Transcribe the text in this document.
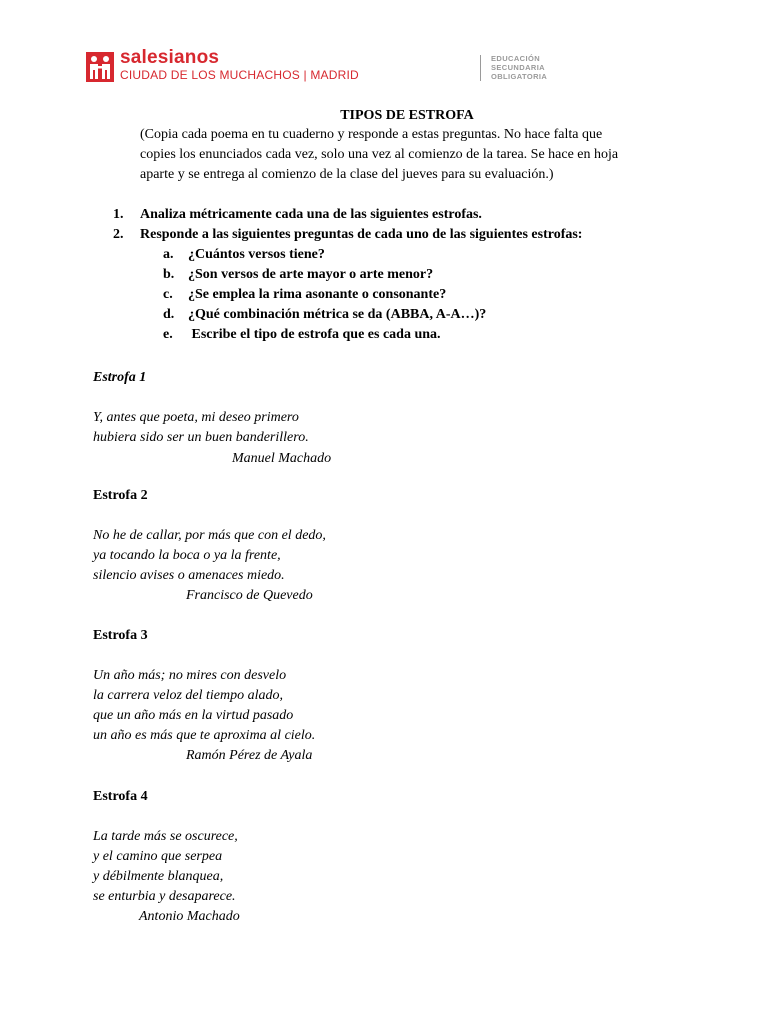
salesianos
CIUDAD DE LOS MUCHACHOS | MADRID
EDUCACIÓN
SECUNDARIA
OBLIGATORIA
TIPOS DE ESTROFA
(Copia cada poema en tu cuaderno y responde a estas preguntas. No hace falta que
copies los enunciados cada vez, solo una vez al comienzo de la tarea. Se hace en hoja
aparte y se entrega al comienzo de la clase del jueves para su evaluación.)
1. Analiza métricamente cada una de las siguientes estrofas.
2. Responde a las siguientes preguntas de cada uno de las siguientes estrofas:
a. ¿Cuántos versos tiene?
b. ¿Son versos de arte mayor o arte menor?
c. ¿Se emplea la rima asonante o consonante?
d. ¿Qué combinación métrica se da (ABBA, A-A…)?
e. Escribe el tipo de estrofa que es cada una.
Estrofa 1
Y, antes que poeta, mi deseo primero
hubiera sido ser un buen banderillero.
Manuel Machado
Estrofa 2
No he de callar, por más que con el dedo,
ya tocando la boca o ya la frente,
silencio avises o amenaces miedo.
Francisco de Quevedo
Estrofa 3
Un año más; no mires con desvelo
la carrera veloz del tiempo alado,
que un año más en la virtud pasado
un año es más que te aproxima al cielo.
Ramón Pérez de Ayala
Estrofa 4
La tarde más se oscurece,
y el camino que serpea
y débilmente blanquea,
se enturbia y desaparece.
Antonio Machado
